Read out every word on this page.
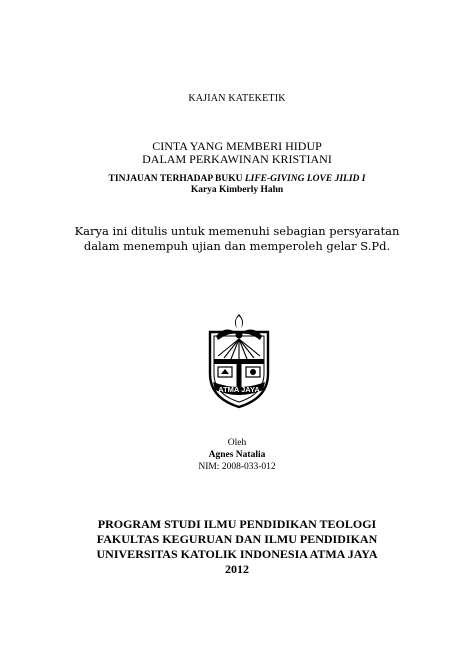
KAJIAN KATEKETIK
CINTA YANG MEMBERI HIDUP
DALAM PERKAWINAN KRISTIANI
TINJAUAN TERHADAP BUKU LIFE-GIVING LOVE JILID I
Karya Kimberly Hahn
Karya ini ditulis untuk memenuhi sebagian persyaratan
dalam menempuh ujian dan memperoleh gelar S.Pd.
ATMA JAYA
Oleh
Agnes Natalia
NIM: 2008-033-012
PROGRAM STUDI ILMU PENDIDIKAN TEOLOGI
FAKULTAS KEGURUAN DAN ILMU PENDIDIKAN
UNIVERSITAS KATOLIK INDONESIA ATMA JAYA
2012
